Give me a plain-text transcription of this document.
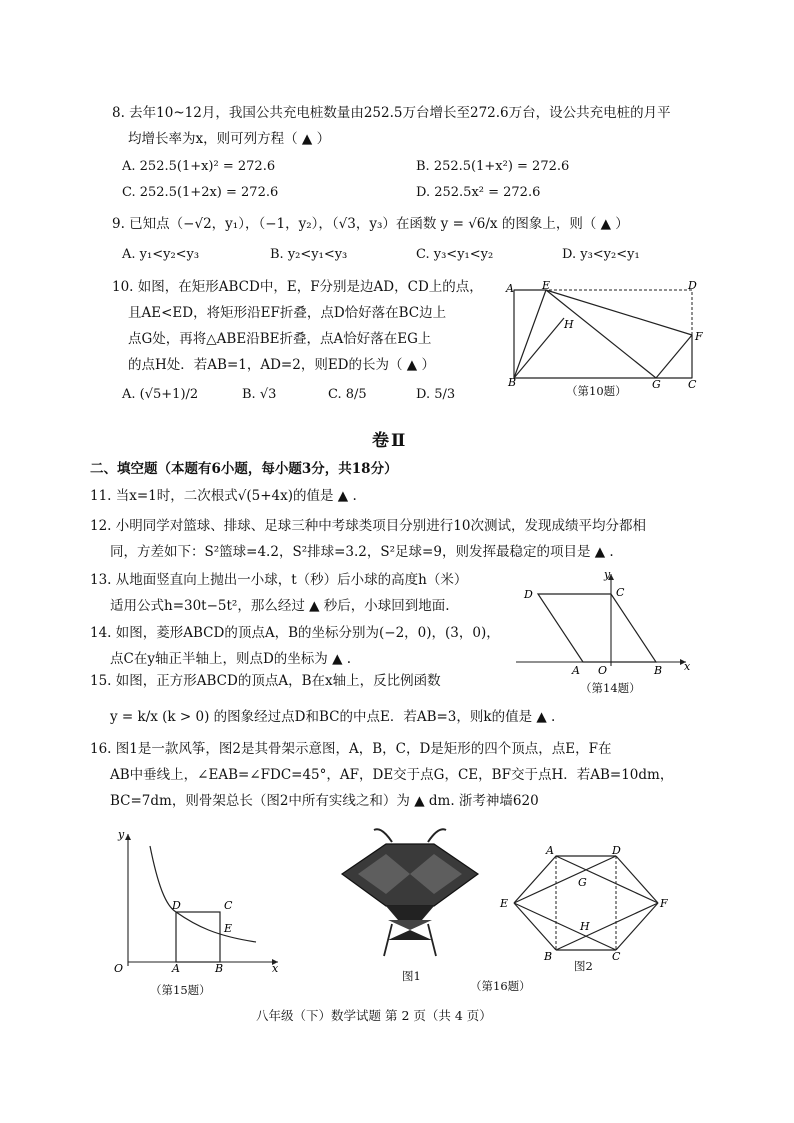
8. 去年10~12月，我国公共充电桩数量由252.5万台增长至272.6万台，设公共充电桩的月平
均增长率为x，则可列方程（ ▲ ）
A. 252.5(1+x)² = 272.6	B. 252.5(1+x²) = 272.6
C. 252.5(1+2x) = 272.6	D. 252.5x² = 272.6
9. 已知点（−√2，y₁），（−1，y₂），（√3，y₃）在函数 y = √6/x 的图象上，则（ ▲ ）
A. y₁<y₂<y₃	B. y₂<y₁<y₃	C. y₃<y₁<y₂	D. y₃<y₂<y₁
10. 如图，在矩形ABCD中，E，F分别是边AD，CD上的点，
且AE<ED，将矩形沿EF折叠，点D恰好落在BC边上
点G处，再将△ABE沿BE折叠，点A恰好落在EG上
的点H处．若AB=1，AD=2，则ED的长为（ ▲ ）
A. (√5+1)/2	B. √3	C. 8/5	D. 5/3
A	E	D
H
F
B	G C
（第10题）
卷Ⅱ
二、填空题（本题有6小题，每小题3分，共18分）
11. 当x=1时，二次根式√(5+4x)的值是 ▲ .
12. 小明同学对篮球、排球、足球三种中考球类项目分别进行10次测试，发现成绩平均分都相
同，方差如下：S²篮球=4.2，S²排球=3.2，S²足球=9，则发挥最稳定的项目是 ▲ .
13. 从地面竖直向上抛出一小球，t（秒）后小球的高度h（米）
适用公式h=30t−5t²，那么经过 ▲ 秒后，小球回到地面.
14. 如图，菱形ABCD的顶点A，B的坐标分别为(−2，0)，(3，0)，
点C在y轴正半轴上，则点D的坐标为 ▲ .
D	C
A O	B x
y
（第14题）
15. 如图，正方形ABCD的顶点A，B在x轴上，反比例函数
y = k/x (k > 0) 的图象经过点D和BC的中点E．若AB=3，则k的值是 ▲ .
16. 图1是一款风筝，图2是其骨架示意图，A，B，C，D是矩形的四个顶点，点E，F在
AB中垂线上，∠EAB=∠FDC=45°，AF，DE交于点G，CE，BF交于点H．若AB=10dm，
BC=7dm，则骨架总长（图2中所有实线之和）为 ▲ dm. 浙考神墙620
y
D	C
E
O	A	B	x
（第15题）
图1
A	D
G
E	F
H
B	C
图2
（第16题）
八年级（下）数学试题 第 2 页（共 4 页）
